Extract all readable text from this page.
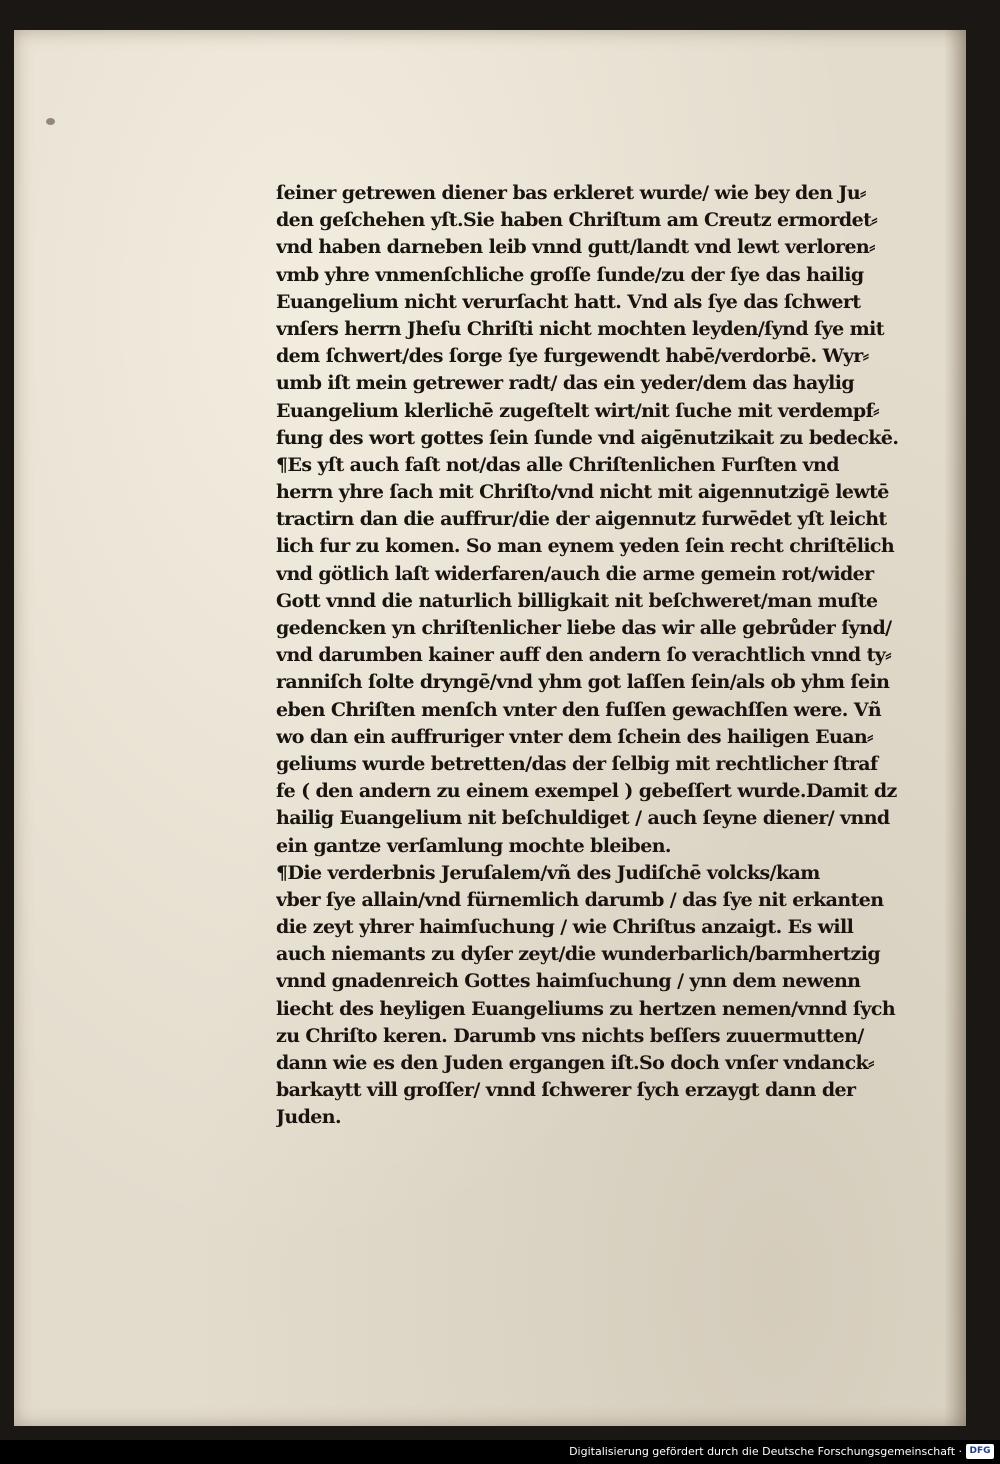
ſeiner getrewen diener bas erkleret wurde/ wie bey den Ju⸗
den geſchehen yſt.Sie haben Chriſtum am Creutz ermordet⸗
vnd haben darneben leib vnnd gutt/landt vnd lewt verloren⸗
vmb yhre vnmenſchliche groſſe ſunde/zu der ſye das hailig
Euangelium nicht verurſacht hatt. Vnd als ſye das ſchwert
vnſers herrn Jheſu Chriſti nicht mochten leyden/ſynd ſye mit
dem ſchwert/des ſorge ſye furgewendt habē/verdorbē. Wyr⸗
umb iſt mein getrewer radt/ das ein yeder/dem das haylig
Euangelium klerlichē zugeſtelt wirt/nit ſuche mit verdempf⸗
fung des wort gottes ſein ſunde vnd aigēnutzikait zu bedeckē.
¶Es yſt auch faſt not/das alle Chriſtenlichen Furſten vnd
herrn yhre ſach mit Chriſto/vnd nicht mit aigennutzigē lewtē
tractirn dan die auffrur/die der aigennutz furwēdet yſt leicht
lich fur zu komen. So man eynem yeden ſein recht chriſtēlich
vnd götlich laſt widerfaren/auch die arme gemein rot/wider
Gott vnnd die naturlich billigkait nit beſchweret/man muſte
gedencken yn chriſtenlicher liebe das wir alle gebrůder ſynd/
vnd darumben kainer auff den andern ſo verachtlich vnnd ty⸗
ranniſch ſolte dryngē/vnd yhm got laſſen ſein/als ob yhm ſein
eben Chriſten menſch vnter den fuſſen gewachſſen were. Vñ
wo dan ein auffruriger vnter dem ſchein des hailigen Euan⸗
geliums wurde betretten/das der ſelbig mit rechtlicher ſtraf
fe ( den andern zu einem exempel ) gebeſſert wurde.Damit dz
hailig Euangelium nit beſchuldiget / auch ſeyne diener/ vnnd
ein gantze verſamlung mochte bleiben.
¶Die verderbnis Jeruſalem/vñ des Judiſchē volcks/kam
vber ſye allain/vnd fürnemlich darumb / das ſye nit erkanten
die zeyt yhrer haimſuchung / wie Chriſtus anzaigt. Es will
auch niemants zu dyſer zeyt/die wunderbarlich/barmhertzig
vnnd gnadenreich Gottes haimſuchung / ynn dem newenn
liecht des heyligen Euangeliums zu hertzen nemen/vnnd ſych
zu Chriſto keren. Darumb vns nichts beſſers zuuermutten/
dann wie es den Juden ergangen iſt.So doch vnſer vndanck⸗
barkaytt vill groſſer/ vnnd ſchwerer ſych erzaygt dann der
Juden.
Digitalisierung gefördert durch die Deutsche Forschungsgemeinschaft · DFG
